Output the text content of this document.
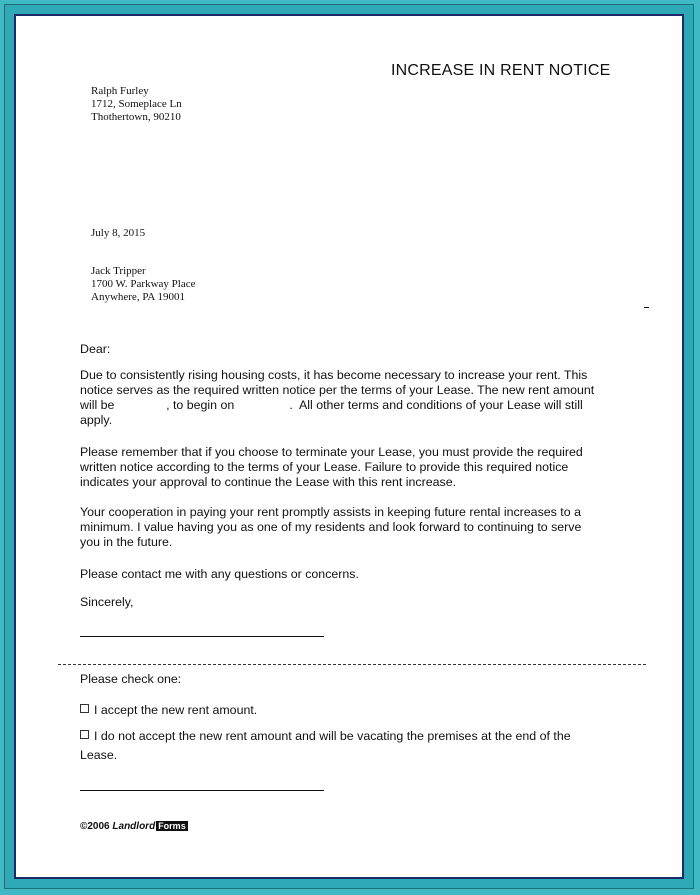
INCREASE IN RENT NOTICE
Ralph Furley
1712, Someplace Ln
Thothertown, 90210
July 8, 2015
Jack Tripper
1700 W. Parkway Place
Anywhere, PA 19001
Dear:
Due to consistently rising housing costs, it has become necessary to increase your rent. This
notice serves as the required written notice per the terms of your Lease. The new rent amount
will be               , to begin on                .  All other terms and conditions of your Lease will still
apply.
Please remember that if you choose to terminate your Lease, you must provide the required
written notice according to the terms of your Lease. Failure to provide this required notice
indicates your approval to continue the Lease with this rent increase.
Your cooperation in paying your rent promptly assists in keeping future rental increases to a
minimum. I value having you as one of my residents and look forward to continuing to serve
you in the future.
Please contact me with any questions or concerns.
Sincerely,
Please check one:
I accept the new rent amount.
I do not accept the new rent amount and will be vacating the premises at the end of the
Lease.
©2006 Landlord Forms
